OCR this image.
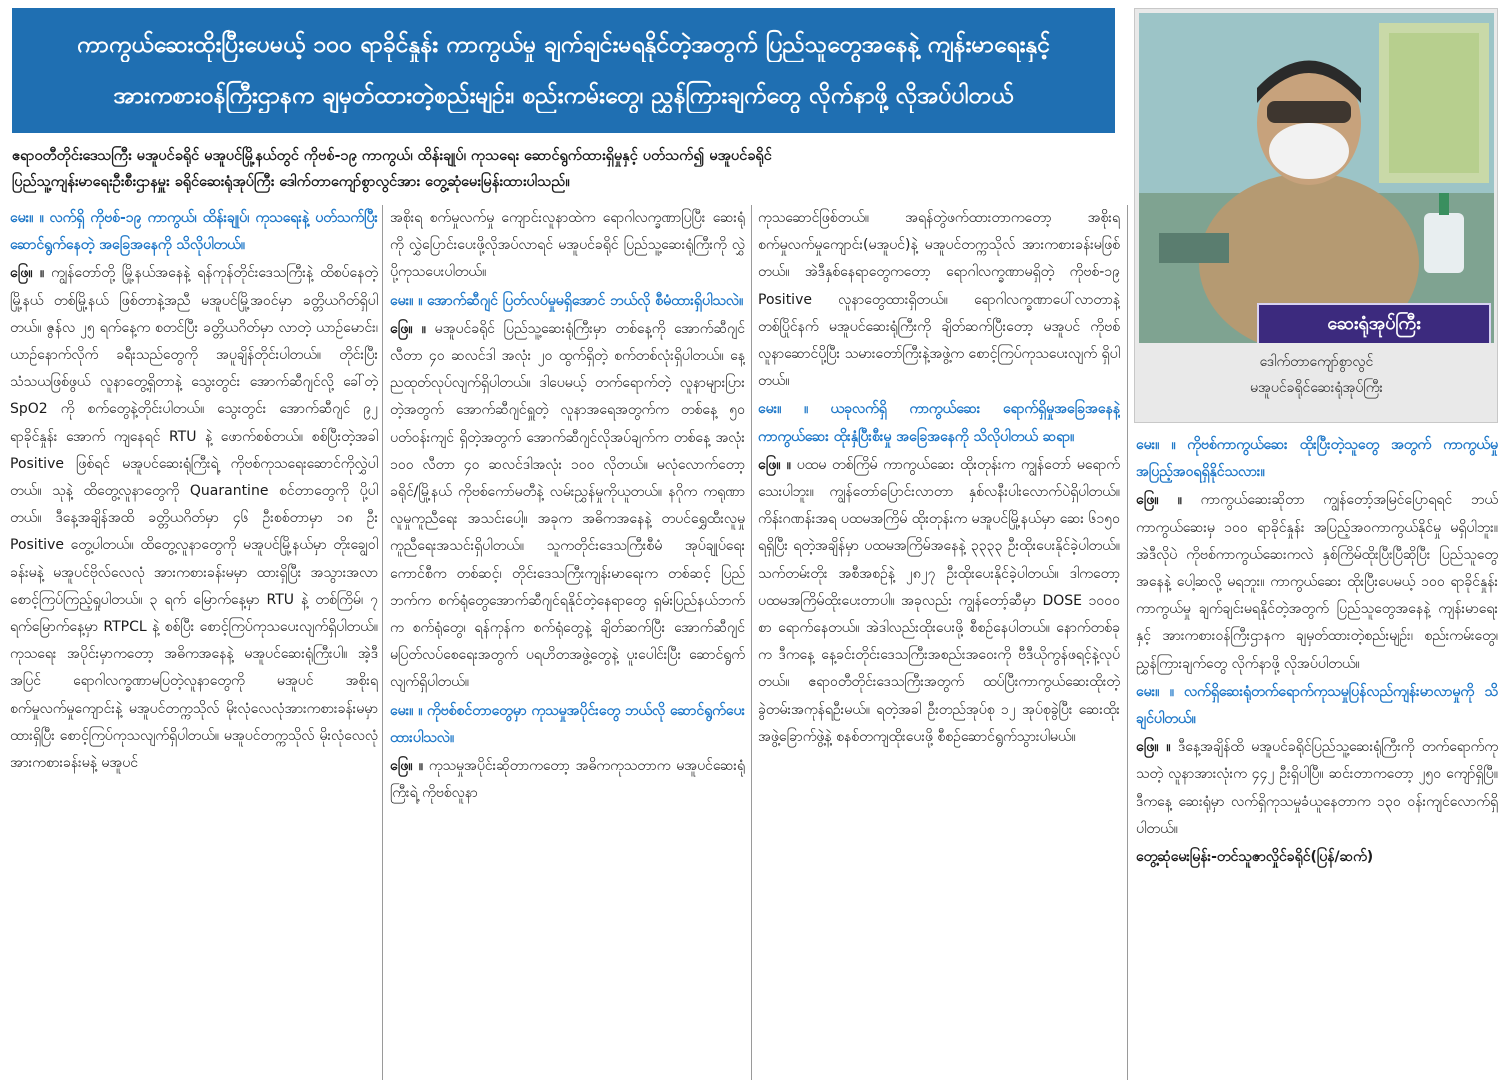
ကာကွယ်ဆေးထိုးပြီးပေမယ့် ၁၀၀ ရာခိုင်နှုန်း ကာကွယ်မှု ချက်ချင်းမရနိုင်တဲ့အတွက် ပြည်သူတွေအနေနဲ့ ကျန်းမာရေးနှင့်
အားကစားဝန်ကြီးဌာနက ချမှတ်ထားတဲ့စည်းမျဉ်း၊ စည်းကမ်းတွေ၊ ညွှန်ကြားချက်တွေ လိုက်နာဖို့ လိုအပ်ပါတယ်

ဧရာဝတီတိုင်းဒေသကြီး မအူပင်ခရိုင် မအူပင်မြို့နယ်တွင် ကိုဗစ်-၁၉ ကာကွယ်၊ ထိန်းချုပ်၊ ကုသရေး ဆောင်ရွက်ထားရှိမှုနှင့် ပတ်သက်၍ မအူပင်ခရိုင်

ပြည်သူ့ကျန်းမာရေးဦးစီးဌာနမှူး ခရိုင်ဆေးရုံအုပ်ကြီး ဒေါက်တာကျော်စွာလွင်အား တွေ့ဆုံမေးမြန်းထားပါသည်။

ဆေးရုံအုပ်ကြီး
ဒေါက်တာကျော်စွာလွင်
မအူပင်ခရိုင်ဆေးရုံအုပ်ကြီး

မေး။ ။ လက်ရှိ ကိုဗစ်-၁၉ ကာကွယ်၊ ထိန်းချုပ်၊ ကုသရေးနဲ့ ပတ်သက်ပြီး ဆောင်ရွက်နေတဲ့ အခြေအနေကို သိလိုပါတယ်။

ဖြေ။ ။ ကျွန်တော်တို့ မြို့နယ်အနေနဲ့ ရန်ကုန်တိုင်းဒေသကြီးနဲ့ ထိစပ်နေတဲ့ မြို့နယ် တစ်မြို့နယ် ဖြစ်တာနဲ့အညီ မအူပင်မြို့အဝင်မှာ ခတ္တိယဂိတ်ရှိပါတယ်။ ဇွန်လ ၂၅ ရက်နေ့က စတင်ပြီး ခတ္တိယဂိတ်မှာ လာတဲ့ ယာဉ်မောင်း၊ ယာဉ်နောက်လိုက် ခရီးသည်တွေကို အပူချိန်တိုင်းပါတယ်။ တိုင်းပြီး သံသယဖြစ်ဖွယ် လူနာတွေ့ရှိတာနဲ့ သွေးတွင်း အောက်ဆီဂျင်လို့ ခေါ်တဲ့ SpO2 ကို စက်တွေနဲ့တိုင်းပါတယ်။ သွေးတွင်း အောက်ဆီဂျင် ၉၂ ရာခိုင်နှုန်း အောက် ကျနေရင် RTU နဲ့ ဖောက်စစ်တယ်။ စစ်ပြီးတဲ့အခါ Positive ဖြစ်ရင် မအူပင်ဆေးရုံကြီးရဲ့ ကိုဗစ်ကုသရေးဆောင်ကိုလွှဲပါတယ်။ သုနဲ့ ထိတွေ့လူနာတွေကို Quarantine စင်တာတွေကို ပို့ပါတယ်။ ဒီနေ့အချိန်အထိ ခတ္တိယဂိတ်မှာ ၄၆ ဦးစစ်တာမှာ ၁၈ ဦး Positive တွေ့ပါတယ်။ ထိတွေ့လူနာတွေကို မအူပင်မြို့နယ်မှာ တိုးချွေဝါခန်းမနဲ့ မအူပင်ဗိုလ်လေလုံ အားကစားခန်းမမှာ ထားရှိပြီး အသွားအလာ စောင့်ကြပ်ကြည့်ရှုပါတယ်။ ၃ ရက် မြောက်နေ့မှာ RTU နဲ့ တစ်ကြိမ်၊ ၇ ရက်မြောက်နေ့မှာ RTPCL နဲ့ စစ်ပြီး စောင့်ကြပ်ကုသပေးလျက်ရှိပါတယ်။ ကုသရေး အပိုင်းမှာကတော့ အဓိကအနေနဲ့ မအူပင်ဆေးရုံကြီးပါ။ အဲ့ဒီအပြင် ရောဂါလက္ခဏာမပြတဲ့လူနာတွေကို မအူပင် အစိုးရစက်မှုလက်မှုကျောင်းနဲ့ မအူပင်တက္ကသိုလ် မိုးလုံလေလုံအားကစားခန်းမမှာ ထားရှိပြီး စောင့်ကြပ်ကုသလျက်ရှိပါတယ်။ မအူပင်တက္ကသိုလ် မိုးလုံလေလုံအားကစားခန်းမနဲ့ မအူပင်

အစိုးရ စက်မှုလက်မှု ကျောင်းလူနာထဲက ရောဂါလက္ခဏာပြပြီး ဆေးရုံကို လွှဲပြောင်းပေးဖို့လိုအပ်လာရင် မအူပင်ခရိုင် ပြည်သူ့ဆေးရုံကြီးကို လွှဲပို့ကုသပေးပါတယ်။

မေး။ ။ အောက်ဆီဂျင် ပြတ်လပ်မှုမရှိအောင် ဘယ်လို စီမံထားရှိပါသလဲ။

ဖြေ။ ။ မအူပင်ခရိုင် ပြည်သူ့ဆေးရုံကြီးမှာ တစ်နေ့ကို အောက်ဆီဂျင် လီတာ ၄၀ ဆလင်ဒါ အလုံး ၂၀ ထွက်ရှိတဲ့ စက်တစ်လုံးရှိပါတယ်။ နေ့ညထုတ်လုပ်လျက်ရှိပါတယ်။ ဒါပေမယ့် တက်ရောက်တဲ့ လူနာများပြားတဲ့အတွက် အောက်ဆီဂျင်ရှူတဲ့ လူနာအရေအတွက်က တစ်နေ့ ၅၀ ပတ်ဝန်းကျင် ရှိတဲ့အတွက် အောက်ဆီဂျင်လိုအပ်ချက်က တစ်နေ့ အလုံး ၁၀၀ လီတာ ၄၀ ဆလင်ဒါအလုံး ၁၀၀ လိုတယ်။ မလုံလောက်တော့ ခရိုင်/မြို့နယ် ကိုဗစ်ကော်မတီနဲ့ လမ်းညွှန်မှုကိုယူတယ်။ နဂိုက ကရုဏာလူမှုကူညီရေး အသင်းပေါ့။ အခုက အဓိကအနေနဲ့ တပင်ရွှေထီးလူမှုကူညီရေးအသင်းရှိပါတယ်။ သူကတိုင်းဒေသကြီးစီမံ အုပ်ချုပ်ရေးကောင်စီက တစ်ဆင့်၊ တိုင်းဒေသကြီးကျန်းမာရေးက တစ်ဆင့် ပြည်ဘက်က စက်ရုံတွေအောက်ဆီဂျင်ရနိုင်တဲ့နေရာတွေ ရှမ်းပြည်နယ်ဘက်က စက်ရုံတွေ၊ ရန်ကုန်က စက်ရုံတွေနဲ့ ချိတ်ဆက်ပြီး အောက်ဆီဂျင် မပြတ်လပ်စေရေးအတွက် ပရဟိတအဖွဲ့တွေနဲ့ ပူးပေါင်းပြီး ဆောင်ရွက်လျက်ရှိပါတယ်။

မေး။ ။ ကိုဗစ်စင်တာတွေမှာ ကုသမှုအပိုင်းတွေ ဘယ်လို ဆောင်ရွက်ပေးထားပါသလဲ။

ဖြေ။ ။ ကုသမှုအပိုင်းဆိုတာကတော့ အဓိကကုသတာက မအူပင်ဆေးရုံကြီးရဲ့ ကိုဗစ်လူနာ

ကုသဆောင်ဖြစ်တယ်။ အရန်တွဲဖက်ထားတာကတော့ အစိုးရစက်မှုလက်မှုကျောင်း(မအူပင်)နဲ့ မအူပင်တက္ကသိုလ် အားကစားခန်းမဖြစ်တယ်။ အဲဒီနှစ်နေရာတွေကတော့ ရောဂါလက္ခဏာမရှိတဲ့ ကိုဗစ်-၁၉ Positive လူနာတွေထားရှိတယ်။ ရောဂါလက္ခဏာပေါ်လာတာနဲ့ တစ်ပြိုင်နက် မအူပင်ဆေးရုံကြီးကို ချိတ်ဆက်ပြီးတော့ မအူပင် ကိုဗစ်လူနာဆောင်ပို့ပြီး သမားတော်ကြီးနဲ့အဖွဲ့က စောင့်ကြပ်ကုသပေးလျက် ရှိပါတယ်။

မေး။ ။ ယခုလက်ရှိ ကာကွယ်ဆေး ရောက်ရှိမှုအခြေအနေနဲ့ ကာကွယ်ဆေး ထိုးနှံပြီးစီးမှု အခြေအနေကို သိလိုပါတယ် ဆရာ။

ဖြေ။ ။ ပထမ တစ်ကြိမ် ကာကွယ်ဆေး ထိုးတုန်းက ကျွန်တော် မရောက်သေးပါဘူး။ ကျွန်တော်ပြောင်းလာတာ နှစ်လနီးပါးလောက်ပဲရှိပါတယ်။ ကိန်းဂဏန်းအရ ပထမအကြိမ် ထိုးတုန်းက မအူပင်မြို့နယ်မှာ ဆေး ၆၁၅၀ ရရှိပြီး ရတဲ့အချိန်မှာ ပထမအကြိမ်အနေနဲ့ ၃၃၃၃ ဦးထိုးပေးနိုင်ခဲ့ပါတယ်။ သက်တမ်းတိုး အစီအစဉ်နဲ့ ၂၈၂၇ ဦးထိုးပေးနိုင်ခဲ့ပါတယ်။ ဒါကတော့ ပထမအကြိမ်ထိုးပေးတာပါ။ အခုလည်း ကျွန်တော့်ဆီမှာ DOSE ၁၀၀၀ စာ ရောက်နေတယ်။ အဲဒါလည်းထိုးပေးဖို့ စီစဉ်နေပါတယ်။ နောက်တစ်ခုက ဒီကနေ့ နေ့ခင်းတိုင်းဒေသကြီးအစည်းအဝေးကို ဗီဒီယိုကွန်ဖရင့်နဲ့လုပ်တယ်။ ဧရာဝတီတိုင်းဒေသကြီးအတွက် ထပ်ပြီးကာကွယ်ဆေးထိုးတဲ့ ခွဲတမ်းအကုန်ရဦးမယ်။ ရတဲ့အခါ ဦးတည်အုပ်စု ၁၂ အုပ်စုခွဲပြီး ဆေးထိုးအဖွဲ့ခြောက်ဖွဲ့နဲ့ စနစ်တကျထိုးပေးဖို့ စီစဉ်ဆောင်ရွက်သွားပါမယ်။

မေး။ ။ ကိုဗစ်ကာကွယ်ဆေး ထိုးပြီးတဲ့သူတွေ အတွက် ကာကွယ်မှု အပြည့်အဝရရှိနိုင်သလား။

ဖြေ။ ။ ကာကွယ်ဆေးဆိုတာ ကျွန်တော့်အမြင်ပြောရရင် ဘယ်ကာကွယ်ဆေးမှ ၁၀၀ ရာခိုင်နှုန်း အပြည့်အဝကာကွယ်နိုင်မှု မရှိပါဘူး။ အဲဒီလိုပဲ ကိုဗစ်ကာကွယ်ဆေးကလဲ နှစ်ကြိမ်ထိုးပြီးပြီဆိုပြီး ပြည်သူတွေအနေနဲ့ ပေါ့ဆလို့ မရဘူး။ ကာကွယ်ဆေး ထိုးပြီးပေမယ့် ၁၀၀ ရာခိုင်နှုန်း ကာကွယ်မှု ချက်ချင်းမရနိုင်တဲ့အတွက် ပြည်သူတွေအနေနဲ့ ကျန်းမာရေးနှင့် အားကစားဝန်ကြီးဌာနက ချမှတ်ထားတဲ့စည်းမျဉ်း၊ စည်းကမ်းတွေ၊ ညွှန်ကြားချက်တွေ လိုက်နာဖို့ လိုအပ်ပါတယ်။

မေး။ ။ လက်ရှိဆေးရုံတက်ရောက်ကုသမှုပြန်လည်ကျန်းမာလာမှုကို သိချင်ပါတယ်။

ဖြေ။ ။ ဒီနေ့အချိန်ထိ မအူပင်ခရိုင်ပြည်သူ့ဆေးရုံကြီးကို တက်ရောက်ကုသတဲ့ လူနာအားလုံးက ၄၄၂ ဦးရှိပါပြီ။ ဆင်းတာကတော့ ၂၅၀ ကျော်ရှိပြီ။ ဒီကနေ့ ဆေးရုံမှာ လက်ရှိကုသမှုခံယူနေတာက ၁၃၀ ဝန်းကျင်လောက်ရှိပါတယ်။

တွေ့ဆုံမေးမြန်း-တင်သူဇာလှိုင်ခရိုင်(ပြန်/ဆက်)
